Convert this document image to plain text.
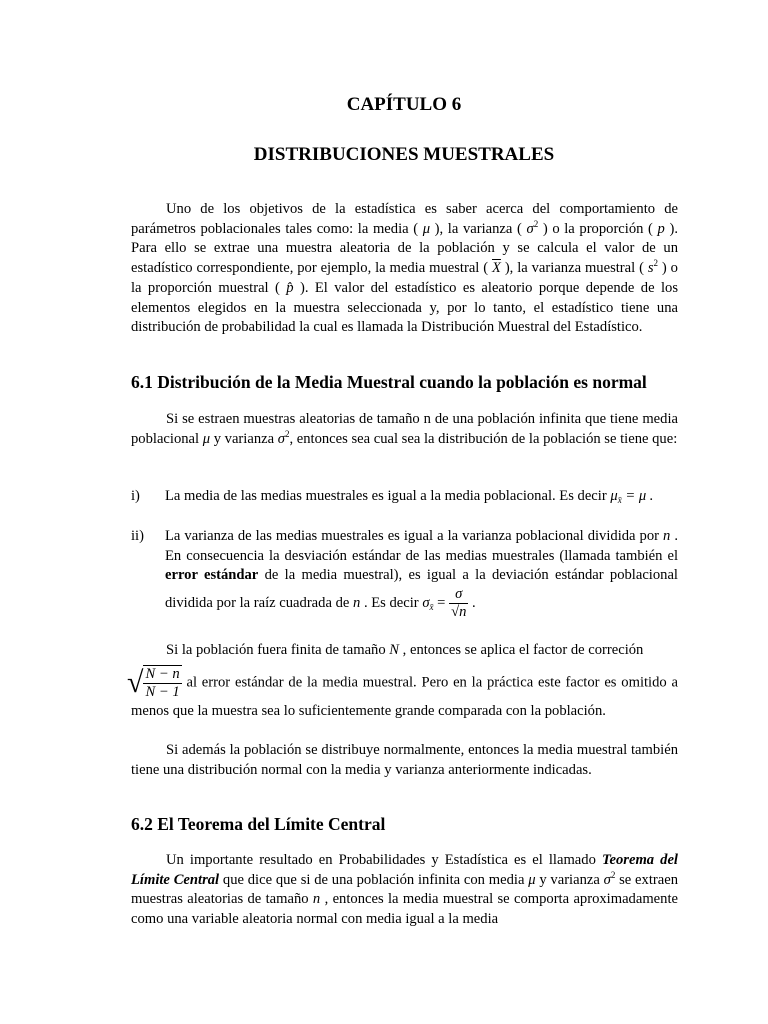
CAPÍTULO 6
DISTRIBUCIONES MUESTRALES
Uno de los objetivos de la estadística es saber acerca del comportamiento de parámetros poblacionales tales como: la media ( μ ), la varianza ( $\sigma^2$ ) o la proporción ( p ). Para ello se extrae una muestra aleatoria de la población y se calcula el valor de un estadístico correspondiente, por ejemplo, la media muestral ( $\overline{X}$ ), la varianza muestral ( $s^2$ ) o la proporción muestral ( p̂ ). El valor del estadístico es aleatorio porque depende de los elementos elegidos en la muestra seleccionada y, por lo tanto, el estadístico tiene una distribución de probabilidad la cual es llamada la Distribución Muestral del Estadístico.
6.1 Distribución de la Media Muestral cuando la población es normal
Si se estraen muestras aleatorias de tamaño n de una población infinita que tiene media poblacional μ y varianza $\sigma^2$, entonces sea cual sea la distribución de la población se tiene que:
i) La media de las medias muestrales es igual a la media poblacional. Es decir $\mu_{x̄} = \mu$ .
ii) La varianza de las medias muestrales es igual a la varianza poblacional dividida por n . En consecuencia la desviación estándar de las medias muestrales (llamada también el error estándar de la media muestral), es igual a la deviación estándar poblacional dividida por la raíz cuadrada de n . Es decir $\sigma_{x̄} = \frac{\sigma}{√n}$ .
Si la población fuera finita de tamaño N , entonces se aplica el factor de correción
√ $\frac{N - n}{N - 1}$ al error estándar de la media muestral. Pero en la práctica este factor es omitido a menos que la muestra sea lo suficientemente grande comparada con la población.
Si además la población se distribuye normalmente, entonces la media muestral también tiene una distribución normal con la media y varianza anteriormente indicadas.
6.2 El Teorema del Límite Central
Un importante resultado en Probabilidades y Estadística es el llamado Teorema del Límite Central que dice que si de una población infinita con media μ y varianza $\sigma^2$ se extraen muestras aleatorias de tamaño n , entonces la media muestral se comporta aproximadamente como una variable aleatoria normal con media igual a la media
